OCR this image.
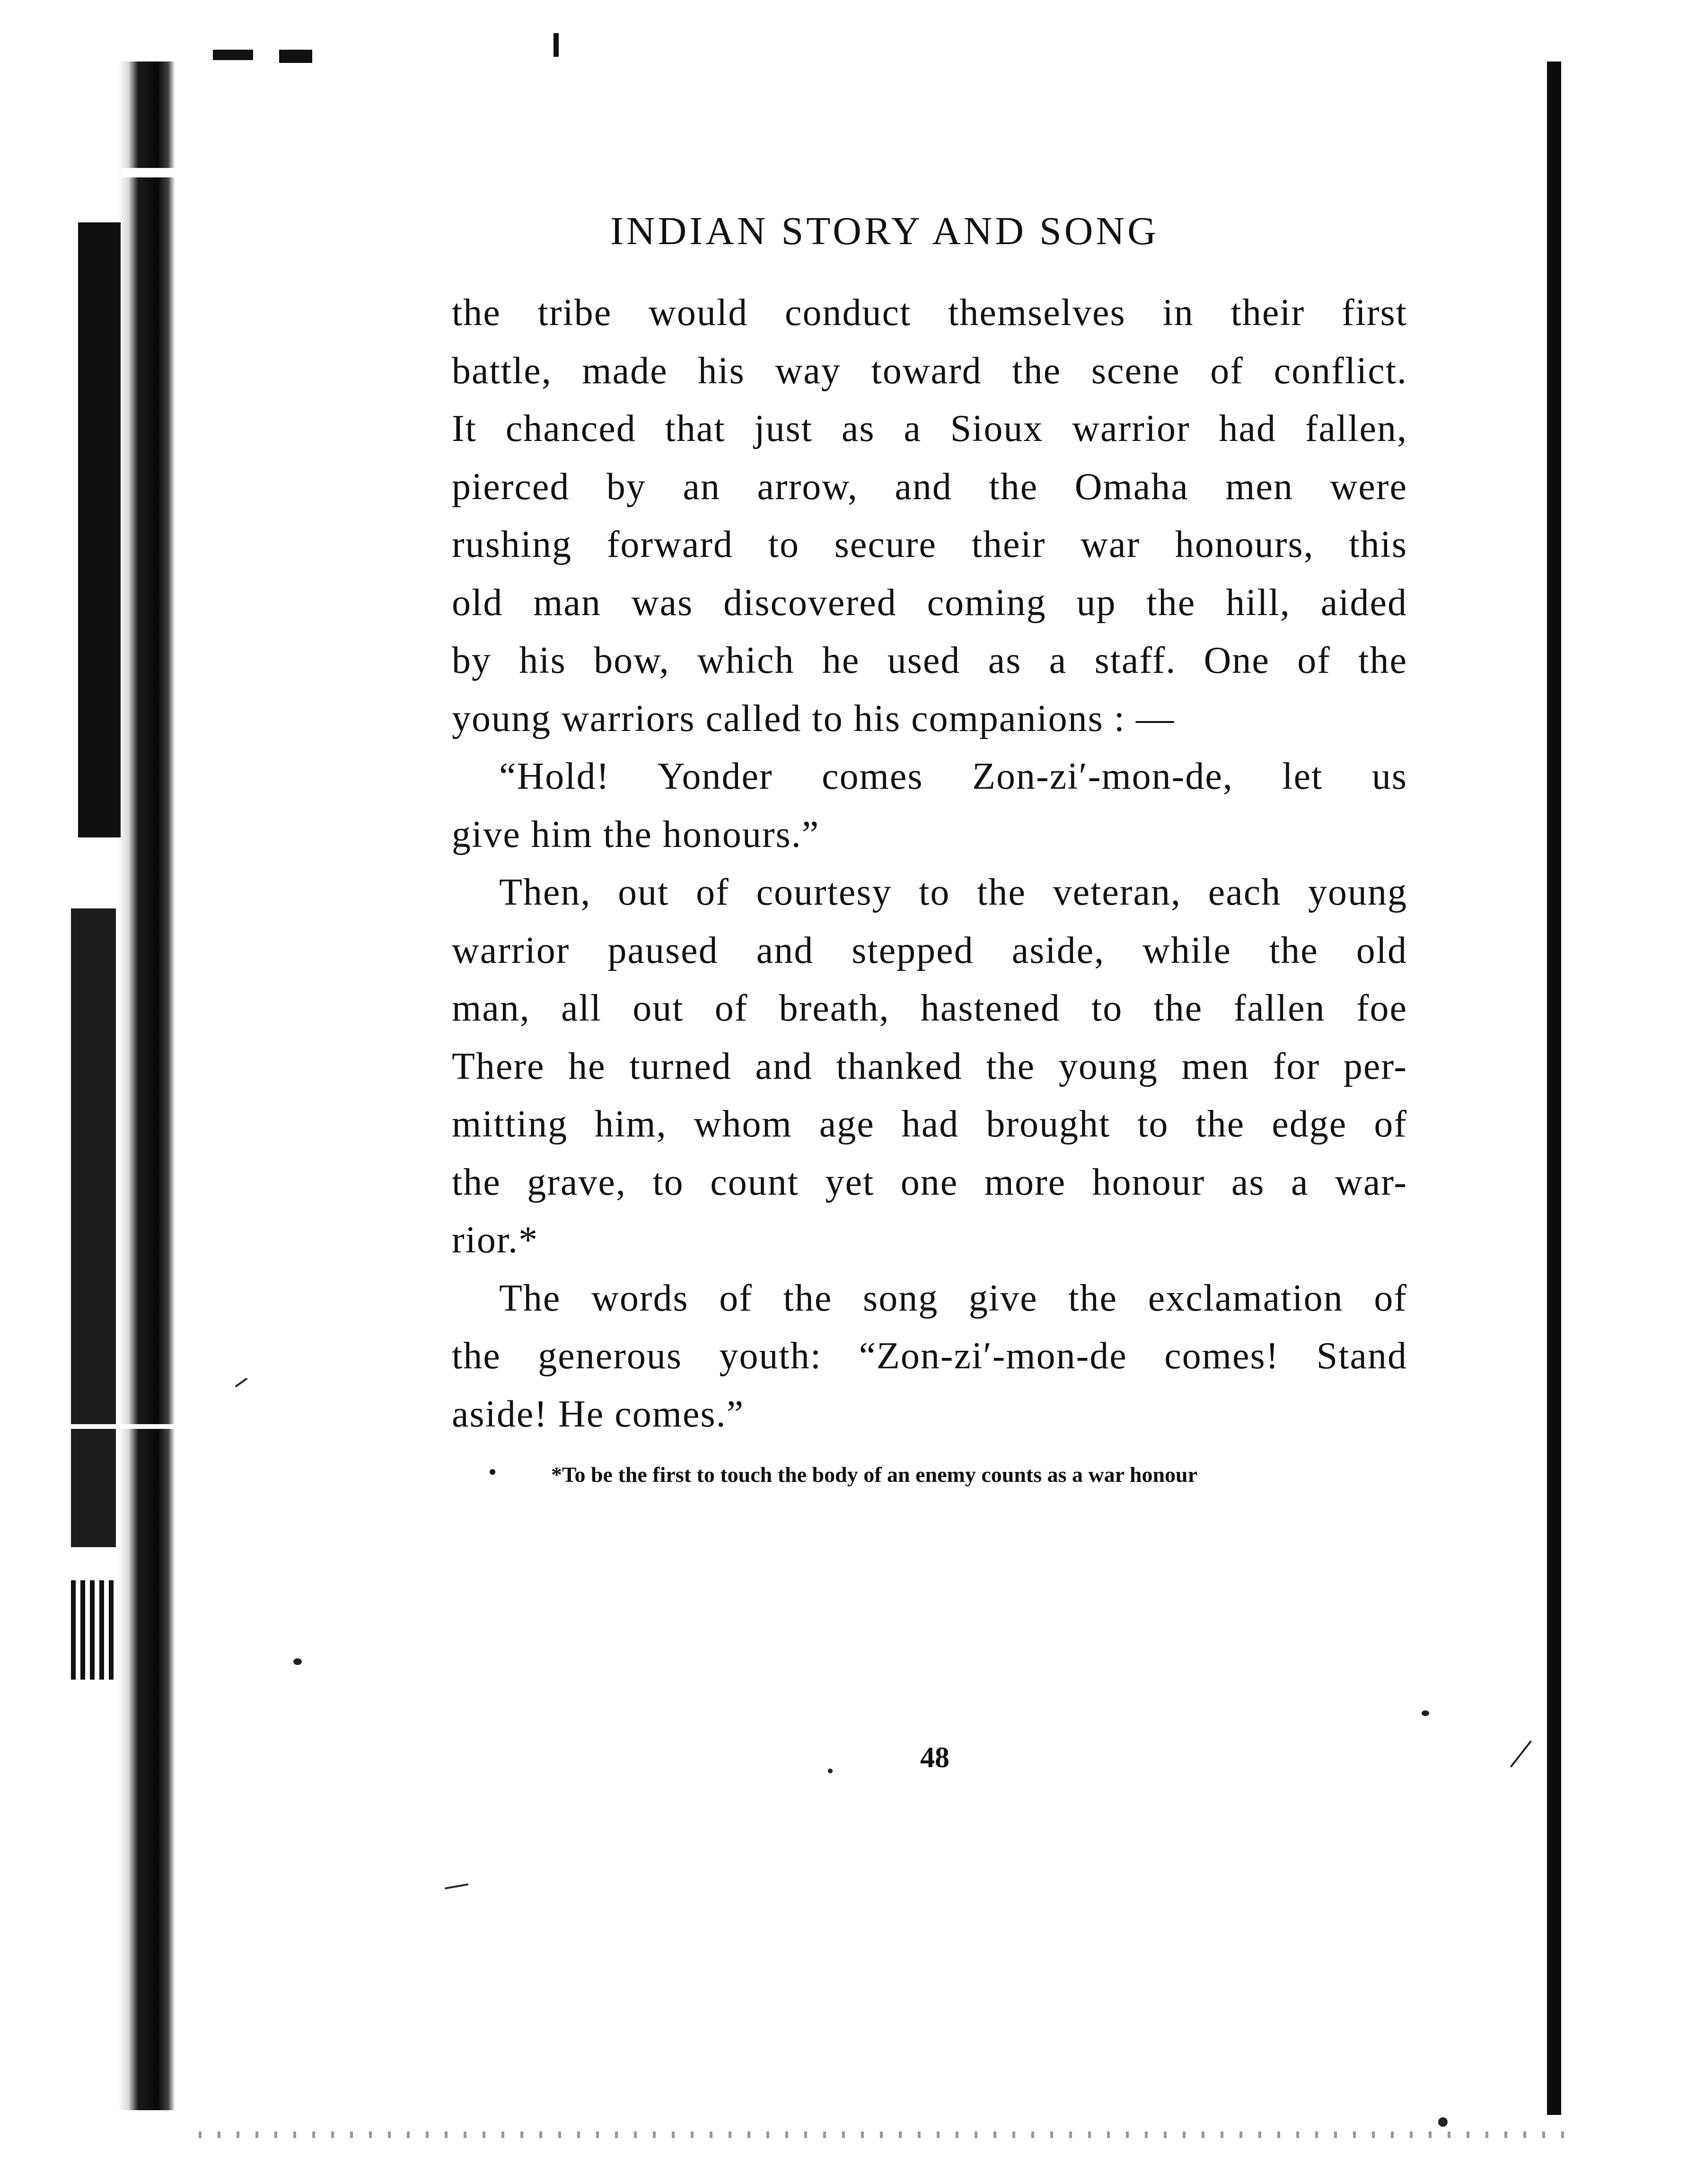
INDIAN STORY AND SONG
the tribe would conduct themselves in their first
battle, made his way toward the scene of conflict.
It chanced that just as a Sioux warrior had fallen,
pierced by an arrow, and the Omaha men were
rushing forward to secure their war honours, this
old man was discovered coming up the hill, aided
by his bow, which he used as a staff. One of the
young warriors called to his companions : —
“Hold! Yonder comes Zon-zi′-mon-de, let us
give him the honours.”
Then, out of courtesy to the veteran, each young
warrior paused and stepped aside, while the old
man, all out of breath, hastened to the fallen foe
There he turned and thanked the young men for per-
mitting him, whom age had brought to the edge of
the grave, to count yet one more honour as a war-
rior.*
The words of the song give the exclamation of
the generous youth: “Zon-zi′-mon-de comes! Stand
aside! He comes.”
*To be the first to touch the body of an enemy counts as a war honour
48
